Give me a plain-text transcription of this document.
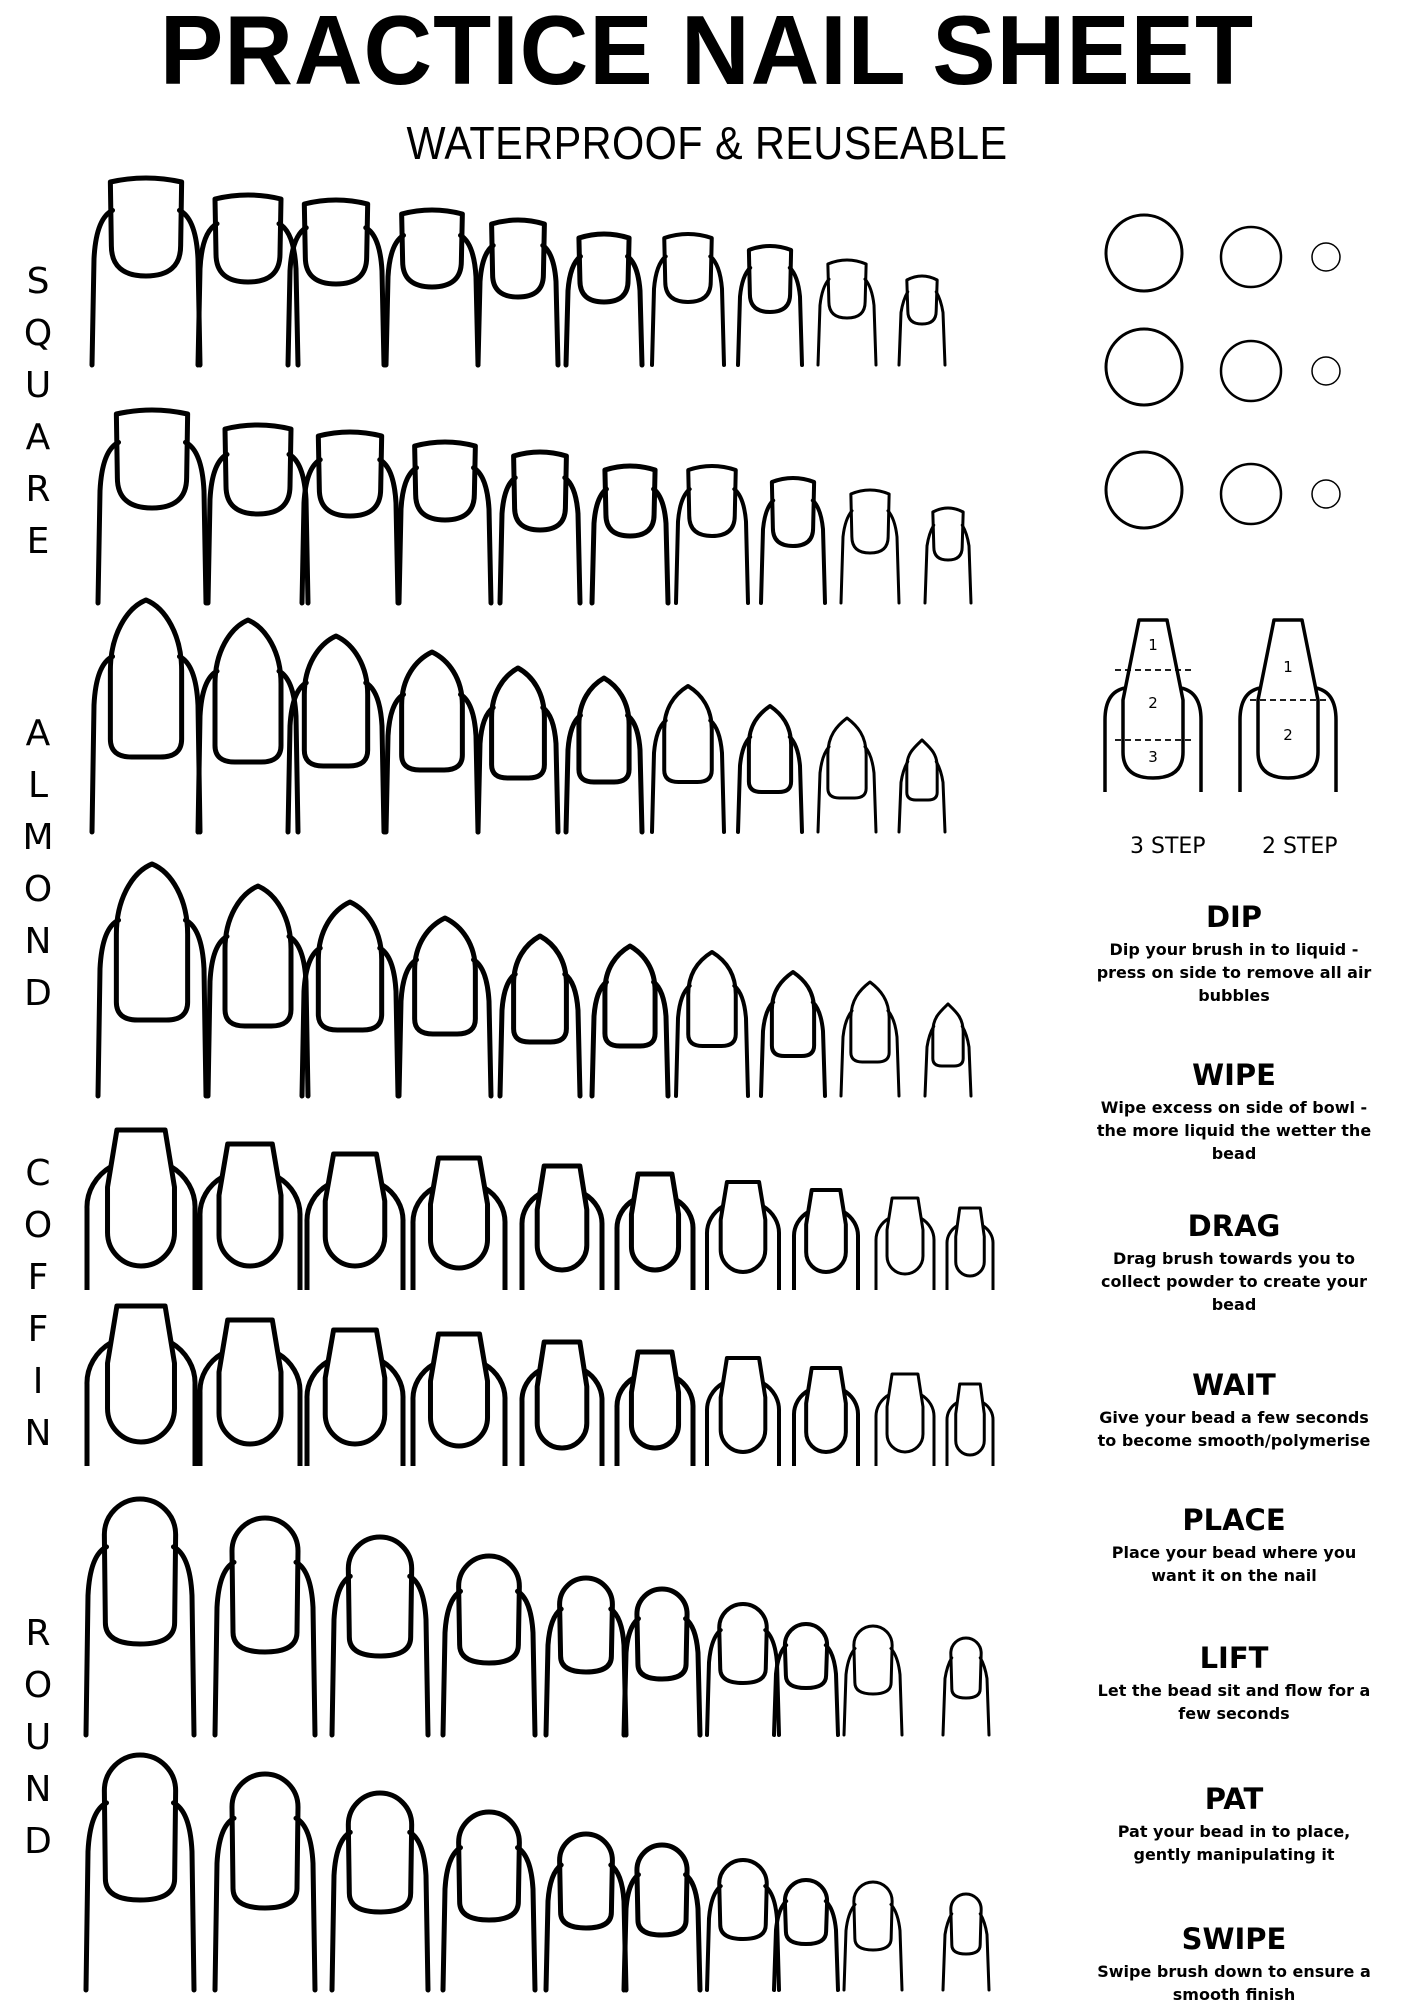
PRACTICE NAIL SHEET
WATERPROOF & REUSEABLE
S
Q
U
A
R
E
A
L
M
O
N
D
C
O
F
F
I
N
R
O
U
N
D
1
2
3
1
2
3 STEP	2 STEP
DIP
Dip your brush in to liquid - press on side to remove all air bubbles
WIPE
Wipe excess on side of bowl - the more liquid the wetter the bead
DRAG
Drag brush towards you to collect powder to create your bead
WAIT
Give your bead a few seconds to become smooth/polymerise
PLACE
Place your bead where you want it on the nail
LIFT
Let the bead sit and flow for a few seconds
PAT
Pat your bead in to place, gently manipulating it
SWIPE
Swipe brush down to ensure a smooth finish
